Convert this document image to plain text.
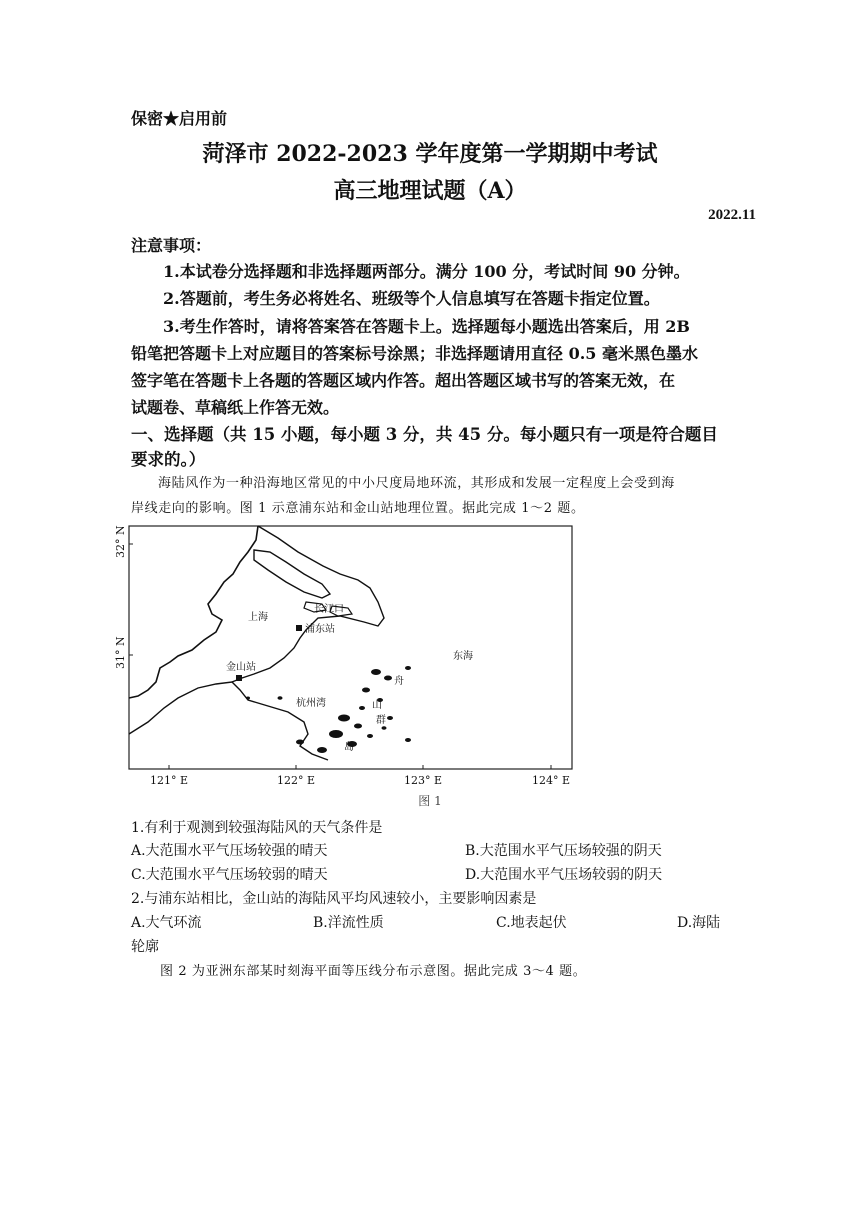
保密★启用前
菏泽市 2022-2023 学年度第一学期期中考试
高三地理试题（A）
2022.11
注意事项：
1.本试卷分选择题和非选择题两部分。满分 100 分，考试时间 90 分钟。
2.答题前，考生务必将姓名、班级等个人信息填写在答题卡指定位置。
3.考生作答时，请将答案答在答题卡上。选择题每小题选出答案后，用 2B
铅笔把答题卡上对应题目的答案标号涂黑；非选择题请用直径 0.5 毫米黑色墨水
签字笔在答题卡上各题的答题区域内作答。超出答题区域书写的答案无效，在
试题卷、草稿纸上作答无效。
一、选择题（共 15 小题，每小题 3 分，共 45 分。每小题只有一项是符合题目
要求的。）
海陆风作为一种沿海地区常见的中小尺度局地环流，其形成和发展一定程度上会受到海
岸线走向的影响。图 1 示意浦东站和金山站地理位置。据此完成 1～2 题。
32° N
31° N
121° E	122° E	123° E	124° E
上海
长江口
浦东站
东海
金山站
杭州湾
舟
山
群
岛
图 1
1.有利于观测到较强海陆风的天气条件是
A.大范围水平气压场较强的晴天	B.大范围水平气压场较强的阴天
C.大范围水平气压场较弱的晴天	D.大范围水平气压场较弱的阴天
2.与浦东站相比，金山站的海陆风平均风速较小，主要影响因素是
A.大气环流	B.洋流性质	C.地表起伏	D.海陆
轮廓
图 2 为亚洲东部某时刻海平面等压线分布示意图。据此完成 3～4 题。
